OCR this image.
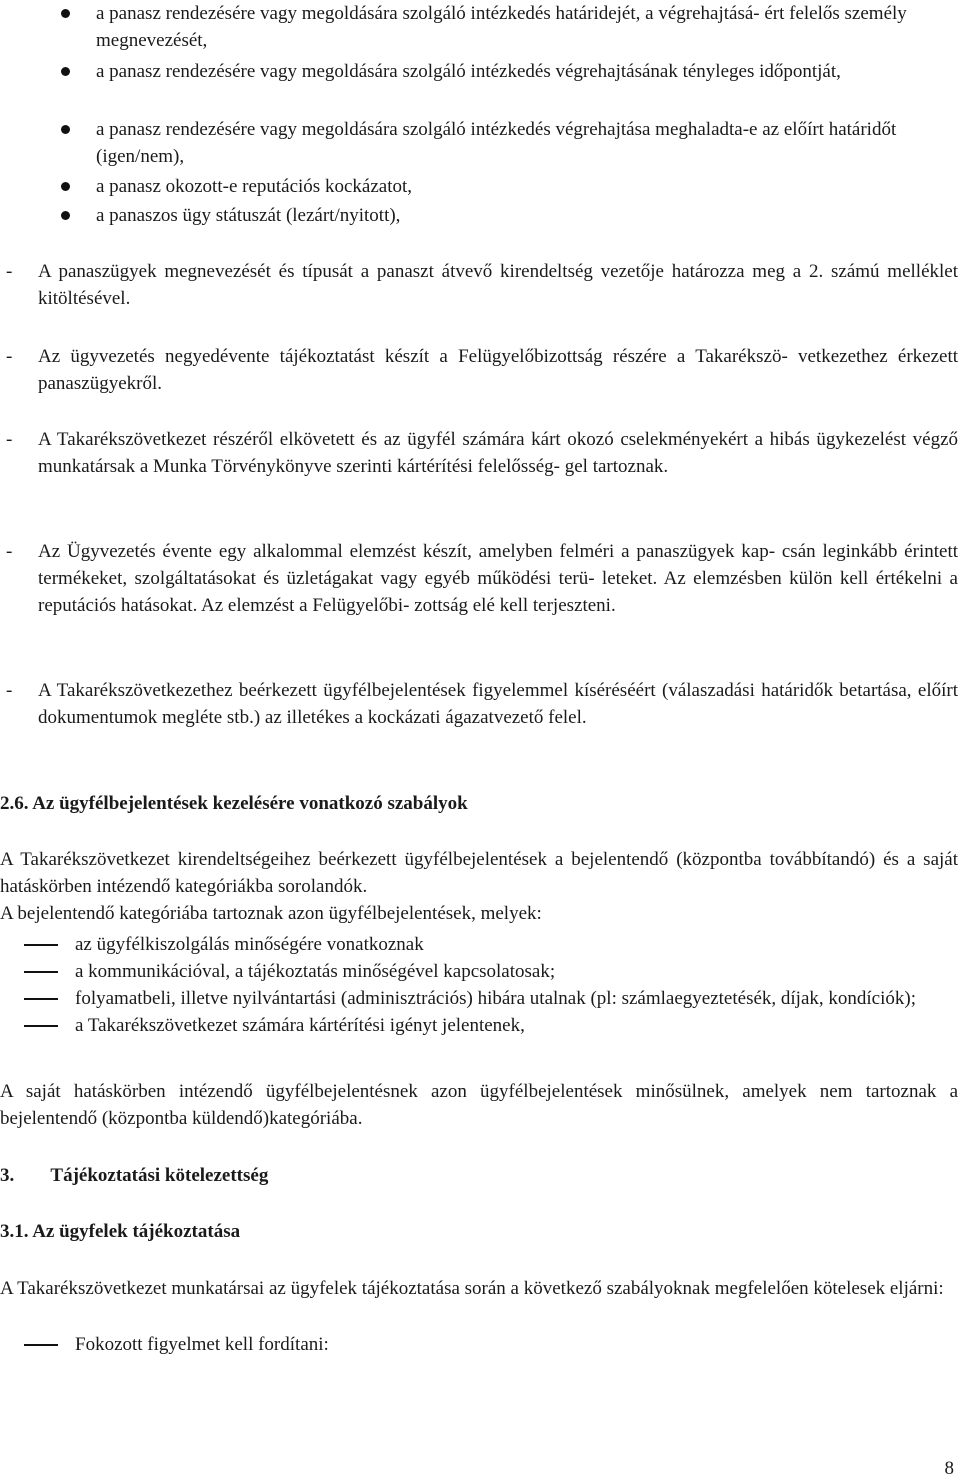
a panasz rendezésére vagy megoldására szolgáló intézkedés határidejét, a végrehajtásá- ért felelős személy megnevezését,
a panasz rendezésére vagy megoldására szolgáló intézkedés végrehajtásának tényleges időpontját,
a panasz rendezésére vagy megoldására szolgáló intézkedés végrehajtása meghaladta-e az előírt határidőt (igen/nem),
a panasz okozott-e reputációs kockázatot,
a panaszos ügy státuszát (lezárt/nyitott),
- A panaszügyek megnevezését és típusát a panaszt átvevő kirendeltség vezetője határozza meg a 2. számú melléklet kitöltésével.
- Az ügyvezetés negyedévente tájékoztatást készít a Felügyelőbizottság részére a Takarékszö- vetkezethez érkezett panaszügyekről.
- A Takarékszövetkezet részéről elkövetett és az ügyfél számára kárt okozó cselekményekért a hibás ügykezelést végző munkatársak a Munka Törvénykönyve szerinti kártérítési felelősség- gel tartoznak.
- Az Ügyvezetés évente egy alkalommal elemzést készít, amelyben felméri a panaszügyek kap- csán leginkább érintett termékeket, szolgáltatásokat és üzletágakat vagy egyéb működési terü- leteket. Az elemzésben külön kell értékelni a reputációs hatásokat. Az elemzést a Felügyelőbi- zottság elé kell terjeszteni.
- A Takarékszövetkezethez beérkezett ügyfélbejelentések figyelemmel kíséréséért (válaszadási határidők betartása, előírt dokumentumok megléte stb.) az illetékes a kockázati ágazatvezető felel.
2.6. Az ügyfélbejelentések kezelésére vonatkozó szabályok

A Takarékszövetkezet kirendeltségeihez beérkezett ügyfélbejelentések a bejelentendő (központba továbbítandó) és a saját hatáskörben intézendő kategóriákba sorolandók.

A bejelentendő kategóriába tartoznak azon ügyfélbejelentések, melyek:

az ügyfélkiszolgálás minőségére vonatkoznak
a kommunikációval, a tájékoztatás minőségével kapcsolatosak;
folyamatbeli, illetve nyilvántartási (adminisztrációs) hibára utalnak (pl: számlaegyeztetésék, díjak, kondíciók);
a Takarékszövetkezet számára kártérítési igényt jelentenek,

A saját hatáskörben intézendő ügyfélbejelentésnek azon ügyfélbejelentések minősülnek, amelyek nem tartoznak a bejelentendő (központba küldendő)kategóriába.

3. Tájékoztatási kötelezettség
3.1. Az ügyfelek tájékoztatása

A Takarékszövetkezet munkatársai az ügyfelek tájékoztatása során a következő szabályoknak megfelelően kötelesek eljárni:

Fokozott figyelmet kell fordítani:
8
